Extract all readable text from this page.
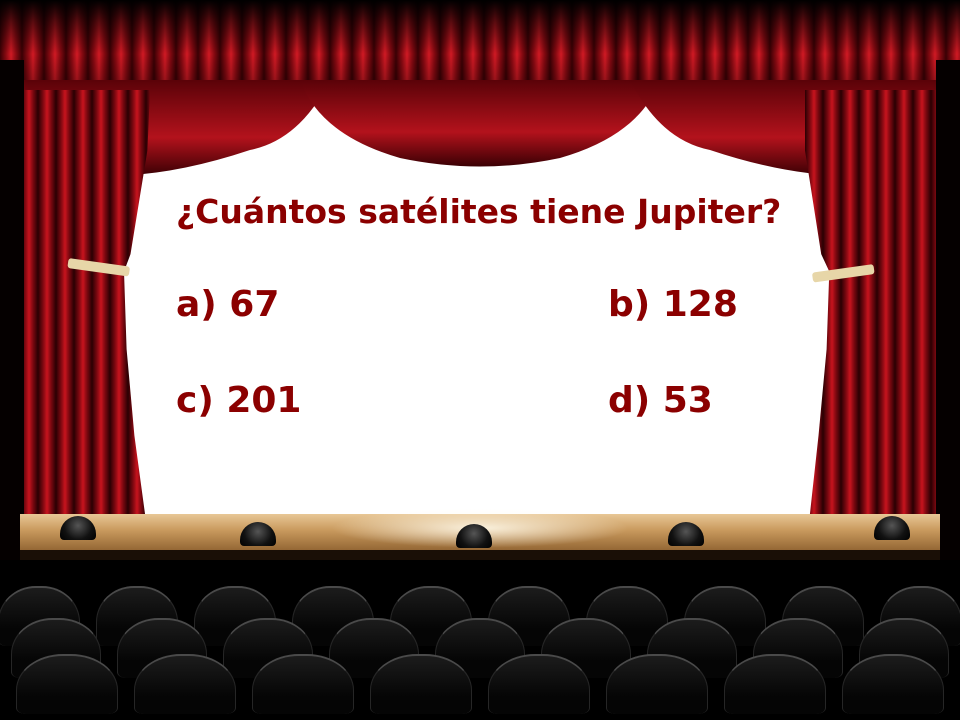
¿Cuántos satélites tiene Jupiter?
a) 67	b) 128
c) 201	d) 53
